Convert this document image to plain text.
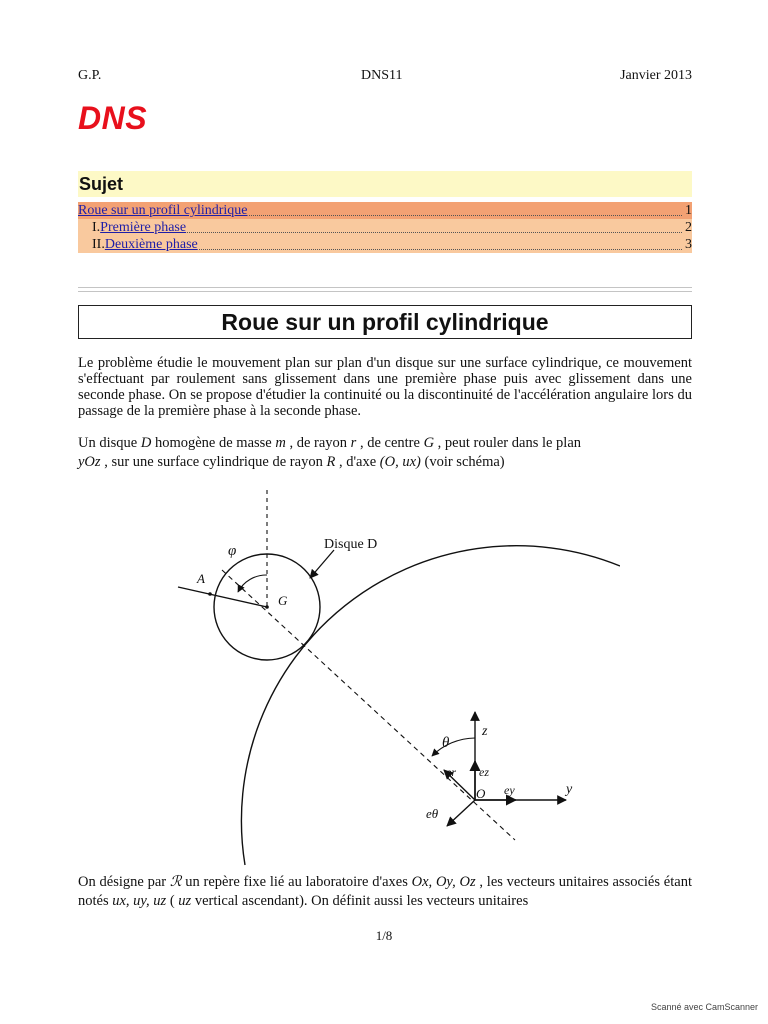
G.P.	DNS11	Janvier 2013
DNS
Sujet
Roue sur un profil cylindrique	1
I.Première phase	2
II.Deuxième phase	3
Roue sur un profil cylindrique
Le problème étudie le mouvement plan sur plan d'un disque sur une surface cylindrique, ce mouvement s'effectuant par roulement sans glissement dans une première phase puis avec glissement dans une seconde phase. On se propose d'étudier la continuité ou la discontinuité de l'accélération angulaire lors du passage de la première phase à la seconde phase.
Un disque D homogène de masse m , de rayon r , de centre G , peut rouler dans le plan
yOz , sur une surface cylindrique de rayon R , d'axe (O, ux) (voir schéma)
Disque D
φ
A
G
θ
z
y
O
er ez
ey
eθ
On désigne par ℛ un repère fixe lié au laboratoire d'axes Ox, Oy, Oz , les vecteurs unitaires associés étant notés ux, uy, uz ( uz vertical ascendant). On définit aussi les vecteurs unitaires
1/8
Scanné avec CamScanner
